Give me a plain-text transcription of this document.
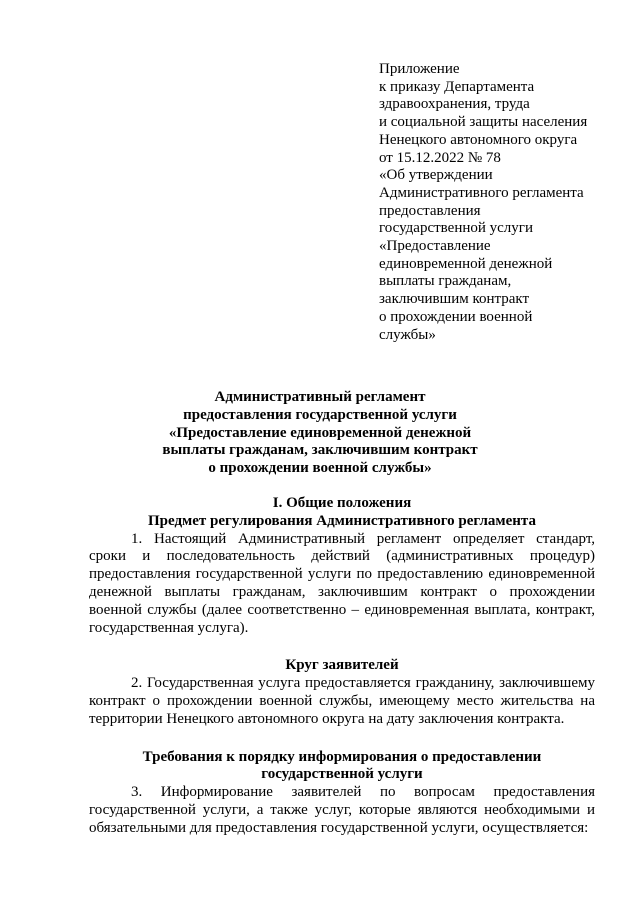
Приложение
к приказу Департамента
здравоохранения, труда
и социальной защиты населения
Ненецкого автономного округа
от 15.12.2022 № 78
«Об утверждении
Административного регламента
предоставления
государственной услуги
«Предоставление
единовременной денежной
выплаты гражданам,
заключившим контракт
о прохождении военной
службы»
Административный регламент
предоставления государственной услуги
«Предоставление единовременной денежной
выплаты гражданам, заключившим контракт
о прохождении военной службы»
I. Общие положения
Предмет регулирования Административного регламента

1. Настоящий Административный регламент определяет стандарт, сроки и последовательность действий (административных процедур) предоставления государственной услуги по предоставлению единовременной денежной выплаты гражданам, заключившим контракт о прохождении военной службы (далее соответственно – единовременная выплата, контракт, государственная услуга).

Круг заявителей

2. Государственная услуга предоставляется гражданину, заключившему контракт о прохождении военной службы, имеющему место жительства на территории Ненецкого автономного округа на дату заключения контракта.

Требования к порядку информирования о предоставлении
государственной услуги

3. Информирование заявителей по вопросам предоставления государственной услуги, а также услуг, которые являются необходимыми и обязательными для предоставления государственной услуги, осуществляется:
